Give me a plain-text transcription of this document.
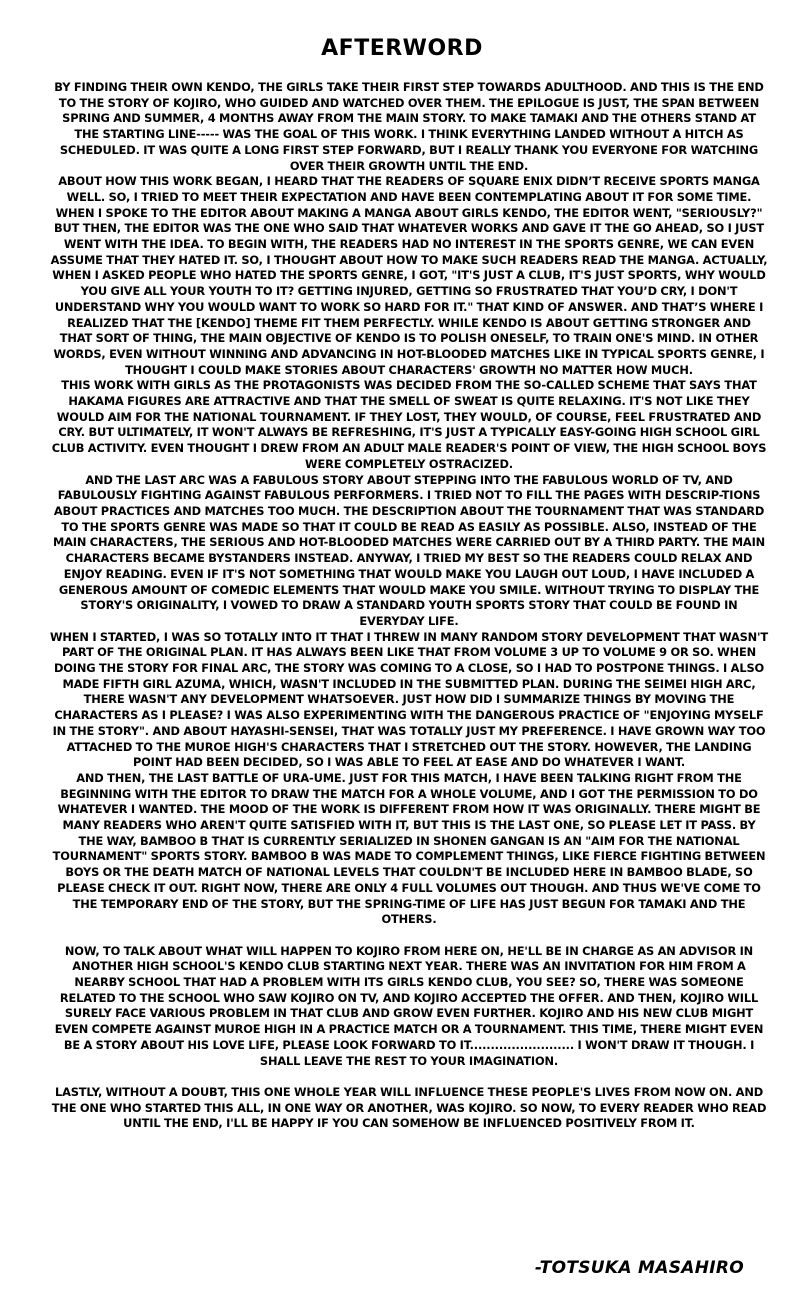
AFTERWORD

BY FINDING THEIR OWN KENDO, THE GIRLS TAKE THEIR FIRST STEP TOWARDS ADULTHOOD. AND THIS IS THE END TO THE STORY OF KOJIRO, WHO GUIDED AND WATCHED OVER THEM. THE EPILOGUE IS JUST, THE SPAN BETWEEN SPRING AND SUMMER, 4 MONTHS AWAY FROM THE MAIN STORY. TO MAKE TAMAKI AND THE OTHERS STAND AT THE STARTING LINE----- WAS THE GOAL OF THIS WORK. I THINK EVERYTHING LANDED WITHOUT A HITCH AS SCHEDULED. IT WAS QUITE A LONG FIRST STEP FORWARD, BUT I REALLY THANK YOU EVERYONE FOR WATCHING OVER THEIR GROWTH UNTIL THE END.

ABOUT HOW THIS WORK BEGAN, I HEARD THAT THE READERS OF SQUARE ENIX DIDN’T RECEIVE SPORTS MANGA WELL. SO, I TRIED TO MEET THEIR EXPECTATION AND HAVE BEEN CONTEMPLATING ABOUT IT FOR SOME TIME. WHEN I SPOKE TO THE EDITOR ABOUT MAKING A MANGA ABOUT GIRLS KENDO, THE EDITOR WENT, "SERIOUSLY?" BUT THEN, THE EDITOR WAS THE ONE WHO SAID THAT WHATEVER WORKS AND GAVE IT THE GO AHEAD, SO I JUST WENT WITH THE IDEA. TO BEGIN WITH, THE READERS HAD NO INTEREST IN THE SPORTS GENRE, WE CAN EVEN ASSUME THAT THEY HATED IT. SO, I THOUGHT ABOUT HOW TO MAKE SUCH READERS READ THE MANGA. ACTUALLY, WHEN I ASKED PEOPLE WHO HATED THE SPORTS GENRE, I GOT, "IT'S JUST A CLUB, IT'S JUST SPORTS, WHY WOULD YOU GIVE ALL YOUR YOUTH TO IT? GETTING INJURED, GETTING SO FRUSTRATED THAT YOU’D CRY, I DON'T UNDERSTAND WHY YOU WOULD WANT TO WORK SO HARD FOR IT." THAT KIND OF ANSWER. AND THAT’S WHERE I REALIZED THAT THE [KENDO] THEME FIT THEM PERFECTLY. WHILE KENDO IS ABOUT GETTING STRONGER AND THAT SORT OF THING, THE MAIN OBJECTIVE OF KENDO IS TO POLISH ONESELF, TO TRAIN ONE'S MIND. IN OTHER WORDS, EVEN WITHOUT WINNING AND ADVANCING IN HOT-BLOODED MATCHES LIKE IN TYPICAL SPORTS GENRE, I THOUGHT I COULD MAKE STORIES ABOUT CHARACTERS' GROWTH NO MATTER HOW MUCH.

THIS WORK WITH GIRLS AS THE PROTAGONISTS WAS DECIDED FROM THE SO-CALLED SCHEME THAT SAYS THAT HAKAMA FIGURES ARE ATTRACTIVE AND THAT THE SMELL OF SWEAT IS QUITE RELAXING. IT'S NOT LIKE THEY WOULD AIM FOR THE NATIONAL TOURNAMENT. IF THEY LOST, THEY WOULD, OF COURSE, FEEL FRUSTRATED AND CRY. BUT ULTIMATELY, IT WON'T ALWAYS BE REFRESHING, IT'S JUST A TYPICALLY EASY-GOING HIGH SCHOOL GIRL CLUB ACTIVITY. EVEN THOUGHT I DREW FROM AN ADULT MALE READER'S POINT OF VIEW, THE HIGH SCHOOL BOYS WERE COMPLETELY OSTRACIZED.

AND THE LAST ARC WAS A FABULOUS STORY ABOUT STEPPING INTO THE FABULOUS WORLD OF TV, AND FABULOUSLY FIGHTING AGAINST FABULOUS PERFORMERS. I TRIED NOT TO FILL THE PAGES WITH DESCRIP-TIONS ABOUT PRACTICES AND MATCHES TOO MUCH. THE DESCRIPTION ABOUT THE TOURNAMENT THAT WAS STANDARD TO THE SPORTS GENRE WAS MADE SO THAT IT COULD BE READ AS EASILY AS POSSIBLE. ALSO, INSTEAD OF THE MAIN CHARACTERS, THE SERIOUS AND HOT-BLOODED MATCHES WERE CARRIED OUT BY A THIRD PARTY. THE MAIN CHARACTERS BECAME BYSTANDERS INSTEAD. ANYWAY, I TRIED MY BEST SO THE READERS COULD RELAX AND ENJOY READING. EVEN IF IT'S NOT SOMETHING THAT WOULD MAKE YOU LAUGH OUT LOUD, I HAVE INCLUDED A GENEROUS AMOUNT OF COMEDIC ELEMENTS THAT WOULD MAKE YOU SMILE. WITHOUT TRYING TO DISPLAY THE STORY'S ORIGINALITY, I VOWED TO DRAW A STANDARD YOUTH SPORTS STORY THAT COULD BE FOUND IN EVERYDAY LIFE.

WHEN I STARTED, I WAS SO TOTALLY INTO IT THAT I THREW IN MANY RANDOM STORY DEVELOPMENT THAT WASN'T PART OF THE ORIGINAL PLAN. IT HAS ALWAYS BEEN LIKE THAT FROM VOLUME 3 UP TO VOLUME 9 OR SO. WHEN DOING THE STORY FOR FINAL ARC, THE STORY WAS COMING TO A CLOSE, SO I HAD TO POSTPONE THINGS. I ALSO MADE FIFTH GIRL AZUMA, WHICH, WASN'T INCLUDED IN THE SUBMITTED PLAN. DURING THE SEIMEI HIGH ARC, THERE WASN'T ANY DEVELOPMENT WHATSOEVER. JUST HOW DID I SUMMARIZE THINGS BY MOVING THE CHARACTERS AS I PLEASE? I WAS ALSO EXPERIMENTING WITH THE DANGEROUS PRACTICE OF "ENJOYING MYSELF IN THE STORY". AND ABOUT HAYASHI-SENSEI, THAT WAS TOTALLY JUST MY PREFERENCE. I HAVE GROWN WAY TOO ATTACHED TO THE MUROE HIGH'S CHARACTERS THAT I STRETCHED OUT THE STORY. HOWEVER, THE LANDING POINT HAD BEEN DECIDED, SO I WAS ABLE TO FEEL AT EASE AND DO WHATEVER I WANT.

AND THEN, THE LAST BATTLE OF URA-UME. JUST FOR THIS MATCH, I HAVE BEEN TALKING RIGHT FROM THE BEGINNING WITH THE EDITOR TO DRAW THE MATCH FOR A WHOLE VOLUME, AND I GOT THE PERMISSION TO DO WHATEVER I WANTED. THE MOOD OF THE WORK IS DIFFERENT FROM HOW IT WAS ORIGINALLY. THERE MIGHT BE MANY READERS WHO AREN'T QUITE SATISFIED WITH IT, BUT THIS IS THE LAST ONE, SO PLEASE LET IT PASS. BY THE WAY, BAMBOO B THAT IS CURRENTLY SERIALIZED IN SHONEN GANGAN IS AN "AIM FOR THE NATIONAL TOURNAMENT" SPORTS STORY. BAMBOO B WAS MADE TO COMPLEMENT THINGS, LIKE FIERCE FIGHTING BETWEEN BOYS OR THE DEATH MATCH OF NATIONAL LEVELS THAT COULDN'T BE INCLUDED HERE IN BAMBOO BLADE, SO PLEASE CHECK IT OUT. RIGHT NOW, THERE ARE ONLY 4 FULL VOLUMES OUT THOUGH. AND THUS WE'VE COME TO THE TEMPORARY END OF THE STORY, BUT THE SPRING-TIME OF LIFE HAS JUST BEGUN FOR TAMAKI AND THE OTHERS.

NOW, TO TALK ABOUT WHAT WILL HAPPEN TO KOJIRO FROM HERE ON, HE'LL BE IN CHARGE AS AN ADVISOR IN ANOTHER HIGH SCHOOL'S KENDO CLUB STARTING NEXT YEAR. THERE WAS AN INVITATION FOR HIM FROM A NEARBY SCHOOL THAT HAD A PROBLEM WITH ITS GIRLS KENDO CLUB, YOU SEE? SO, THERE WAS SOMEONE RELATED TO THE SCHOOL WHO SAW KOJIRO ON TV, AND KOJIRO ACCEPTED THE OFFER. AND THEN, KOJIRO WILL SURELY FACE VARIOUS PROBLEM IN THAT CLUB AND GROW EVEN FURTHER. KOJIRO AND HIS NEW CLUB MIGHT EVEN COMPETE AGAINST MUROE HIGH IN A PRACTICE MATCH OR A TOURNAMENT. THIS TIME, THERE MIGHT EVEN BE A STORY ABOUT HIS LOVE LIFE, PLEASE LOOK FORWARD TO IT......................... I WON'T DRAW IT THOUGH. I SHALL LEAVE THE REST TO YOUR IMAGINATION.

LASTLY, WITHOUT A DOUBT, THIS ONE WHOLE YEAR WILL INFLUENCE THESE PEOPLE'S LIVES FROM NOW ON. AND THE ONE WHO STARTED THIS ALL, IN ONE WAY OR ANOTHER, WAS KOJIRO. SO NOW, TO EVERY READER WHO READ UNTIL THE END, I'LL BE HAPPY IF YOU CAN SOMEHOW BE INFLUENCED POSITIVELY FROM IT.

-TOTSUKA MASAHIRO
